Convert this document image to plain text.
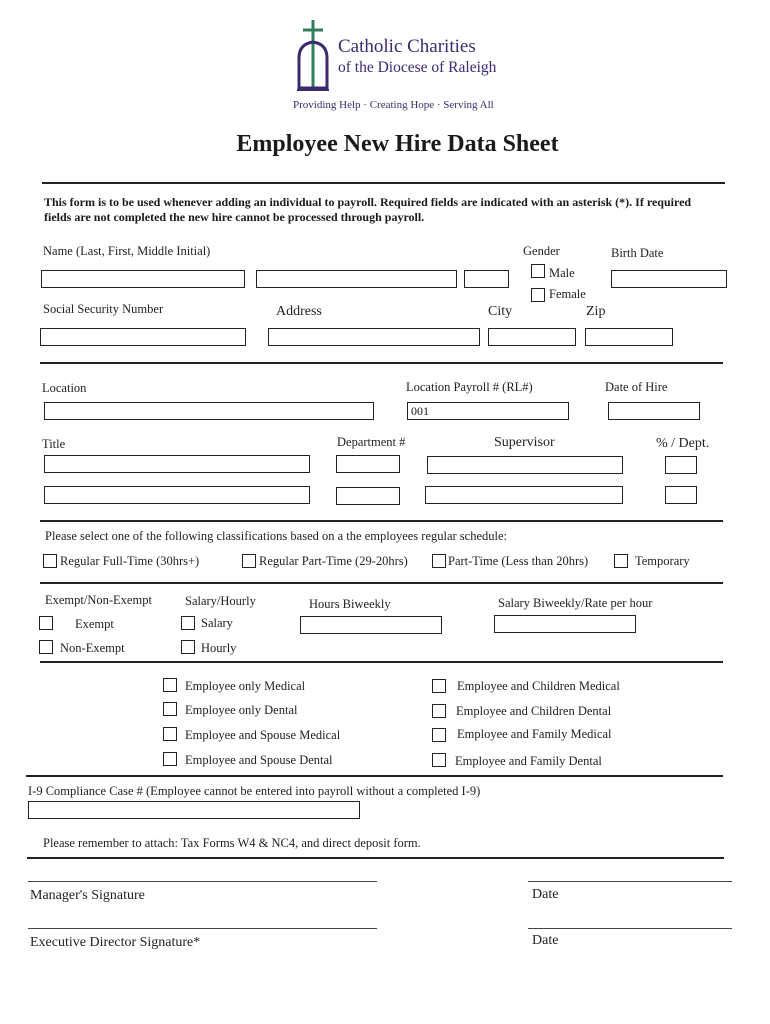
Catholic Charities
of the Diocese of Raleigh
Providing Help · Creating Hope · Serving All
Employee New Hire Data Sheet
This form is to be used whenever adding an individual to payroll. Required fields are indicated with an asterisk (*). If required fields are not completed the new hire cannot be processed through payroll.
Name (Last, First, Middle Initial)	Gender	Birth Date
Male
Female
Social Security Number	Address	City	Zip
Location	Location Payroll # (RL#)	Date of Hire
001
Title	Department #	Supervisor	% / Dept.
Please select one of the following classifications based on a the employees regular schedule:
Regular Full-Time (30hrs+)	Regular Part-Time (29-20hrs)	Part-Time (Less than 20hrs)	Temporary
Exempt/Non-Exempt	Salary/Hourly	Hours Biweekly	Salary Biweekly/Rate per hour
Exempt	Salary
Non-Exempt	Hourly
Employee only Medical
Employee only Dental
Employee and Spouse Medical
Employee and Spouse Dental
Employee and Children Medical
Employee and Children Dental
Employee and Family Medical
Employee and Family Dental
I-9 Compliance Case # (Employee cannot be entered into payroll without a completed I-9)
Please remember to attach: Tax Forms W4 & NC4, and direct deposit form.
Manager's Signature	Date
Executive Director Signature*	Date
